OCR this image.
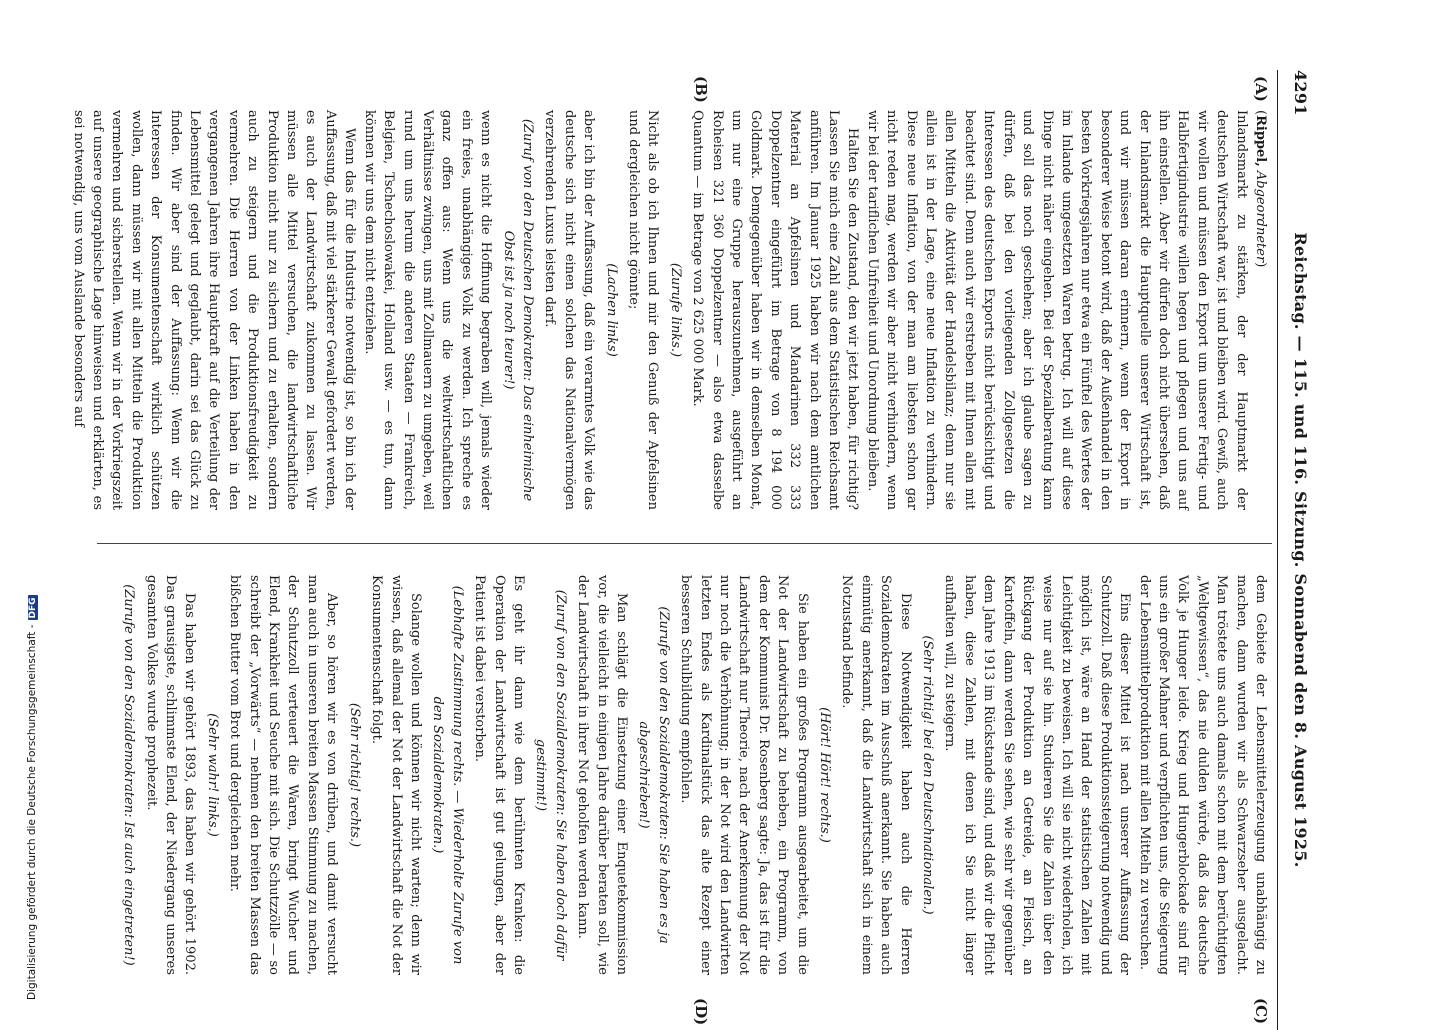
4291
Reichstag. — 115. und 116. Sitzung. Sonnabend den 8. August 1925.
(A)
(B)
(C)
(D)

(Rippel, Abgeordneter)

Inlandsmarkt zu stärken, der der Hauptmarkt der deutschen Wirtschaft war, ist und bleiben wird. Gewiß, auch wir wollen und müssen den Export um unserer Fertig- und Halbfertigindustrie willen hegen und pflegen und uns auf ihn einstellen. Aber wir dürfen doch nicht übersehen, daß der Inlandsmarkt die Hauptquelle unserer Wirtschaft ist, und wir müssen daran erinnern, wenn der Export in besonderer Weise betont wird, daß der Außenhandel in den besten Vorkriegsjahren nur etwa ein Fünftel des Wertes der im Inlande umgesetzten Waren betrug. Ich will auf diese Dinge nicht näher eingehen. Bei der Spezialberatung kann und soll das noch geschehen; aber ich glaube sagen zu dürfen, daß bei den vorliegenden Zollgesetzen die Interessen des deutschen Exports nicht berücksichtigt und beachtet sind. Denn auch wir erstreben mit Ihnen allen mit allen Mitteln die Aktivität der Handelsbilanz; denn nur sie allein ist in der Lage, eine neue Inflation zu verhindern. Diese neue Inflation, von der man am liebsten schon gar nicht reden mag, werden wir aber nicht verhindern, wenn wir bei der tariflichen Unfreiheit und Unordnung bleiben.

Halten Sie den Zustand, den wir jetzt haben, für richtig? Lassen Sie mich eine Zahl aus dem Statistischen Reichsamt anführen. Im Januar 1925 haben wir nach dem amtlichen Material an Apfelsinen und Mandarinen 332 333 Doppelzentner eingeführt im Betrage von 8 194 000 Goldmark. Demgegenüber haben wir in demselben Monat, um nur eine Gruppe herauszunehmen, ausgeführt an Roheisen 321 360 Doppelzentner — also etwa dasselbe Quantum — im Betrage von 2 625 000 Mark.

(Zurufe links.)

Nicht als ob ich Ihnen und mir den Genuß der Apfelsinen und dergleichen nicht gönnte;

(Lachen links)

aber ich bin der Auffassung, daß ein verarmtes Volk wie das deutsche sich nicht einen solchen das Nationalvermögen verzehrenden Luxus leisten darf.

(Zuruf von den Deutschen Demokraten: Das einheimische Obst ist ja noch teurer!)

wenn es nicht die Hoffnung begraben will, jemals wieder ein freies, unabhängiges Volk zu werden. Ich spreche es ganz offen aus: Wenn uns die weltwirtschaftlichen Verhältnisse zwingen, uns mit Zollmauern zu umgeben, weil rund um uns herum die anderen Staaten — Frankreich, Belgien, Tschechoslowakei, Holland usw. — es tun, dann können wir uns dem nicht entziehen.

Wenn das für die Industrie notwendig ist, so bin ich der Auffassung, daß mit viel stärkerer Gewalt gefordert werden, es auch der Landwirtschaft zukommen zu lassen. Wir müssen alle Mittel versuchen, die landwirtschaftliche Produktion nicht nur zu sichern und zu erhalten, sondern auch zu steigern und die Produktionsfreudigkeit zu vermehren. Die Herren von der Linken haben in den vergangenen Jahren ihre Hauptkraft auf die Verteilung der Lebensmittel gelegt und geglaubt, darin sei das Glück zu finden. Wir aber sind der Auffassung: Wenn wir die Interessen der Konsumentenschaft wirklich schützen wollen, dann müssen wir mit allen Mitteln die Produktion vermehren und sicherstellen. Wenn wir in der Vorkriegszeit auf unsere geographische Lage hinweisen und erklärten, es sei notwendig, uns vom Auslande besonders auf

dem Gebiete der Lebensmittelerzeugung unabhängig zu machen, dann wurden wir als Schwarzseher ausgelacht. Man tröstete uns auch damals schon mit dem berüchtigten „Weltgewissen“, das nie dulden würde, daß das deutsche Volk je Hunger leide. Krieg und Hungerblockade sind für uns ein großer Mahner und verpflichten uns, die Steigerung der Lebensmittelproduktion mit allen Mitteln zu versuchen.

Eins dieser Mittel ist nach unserer Auffassung der Schutzzoll. Daß diese Produktionssteigerung notwendig und möglich ist, wäre an Hand der statistischen Zahlen mit Leichtigkeit zu beweisen. Ich will sie nicht wiederholen, ich weise nur auf sie hin. Studieren Sie die Zahlen über den Rückgang der Produktion an Getreide, an Fleisch, an Kartoffeln, dann werden Sie sehen, wie sehr wir gegenüber dem Jahre 1913 im Rückstande sind, und daß wir die Pflicht haben, diese Zahlen, mit denen ich Sie nicht länger aufhalten will, zu steigern.

(Sehr richtig! bei den Deutschnationalen.)

Diese Notwendigkeit haben auch die Herren Sozialdemokraten im Ausschuß anerkannt. Sie haben auch einmütig anerkannt, daß die Landwirtschaft sich in einem Notzustand befinde.

(Hört! Hört! rechts.)

Sie haben ein großes Programm ausgearbeitet, um die Not der Landwirtschaft zu beheben, ein Programm, von dem der Kommunist Dr. Rosenberg sagte: Ja, das ist für die Landwirtschaft nur Theorie, nach der Anerkennung der Not nur noch die Verhöhnung; in der Not wird den Landwirten letzten Endes als Kardinalstück das alte Rezept einer besseren Schulbildung empfohlen.

(Zurufe von den Sozialdemokraten: Sie haben es ja abgeschrieben!)

Man schlägt die Einsetzung einer Enquetekommission vor, die vielleicht in einigen Jahre darüber beraten soll, wie der Landwirtschaft in ihrer Not geholfen werden kann.

(Zuruf von den Sozialdemokraten: Sie haben doch dafür gestimmt!)

Es geht ihr dann wie dem berühmten Kranken: die Operation der Landwirtschaft ist gut gelungen, aber der Patient ist dabei verstorben.

(Lebhafte Zustimmung rechts. — Wiederholte Zurufe von den Sozialdemokraten.)

Solange wollen und können wir nicht warten; denn wir wissen, daß allemal der Not der Landwirtschaft die Not der Konsumentenschaft folgt.

(Sehr richtig! rechts.)

Aber, so hören wir es von drüben, und damit versucht man auch in unseren breiten Massen Stimmung zu machen, der Schutzzoll verteuert die Waren, bringt Wucher und Elend, Krankheit und Seuche mit sich. Die Schutzzölle — so schreibt der „Vorwärts“ — nehmen den breiten Massen das bißchen Butter vom Brot und dergleichen mehr.

(Sehr wahr! links.)

Das haben wir gehört 1893, das haben wir gehört 1902. Das grausigste, schlimmste Elend, der Niedergang unseres gesamten Volkes wurde prophezeit.

(Zurufe von den Sozialdemokraten: Ist auch eingetreten!)

Digitalisierung gefördert durch die Deutsche Forschungsgemeinschaft -DFG
